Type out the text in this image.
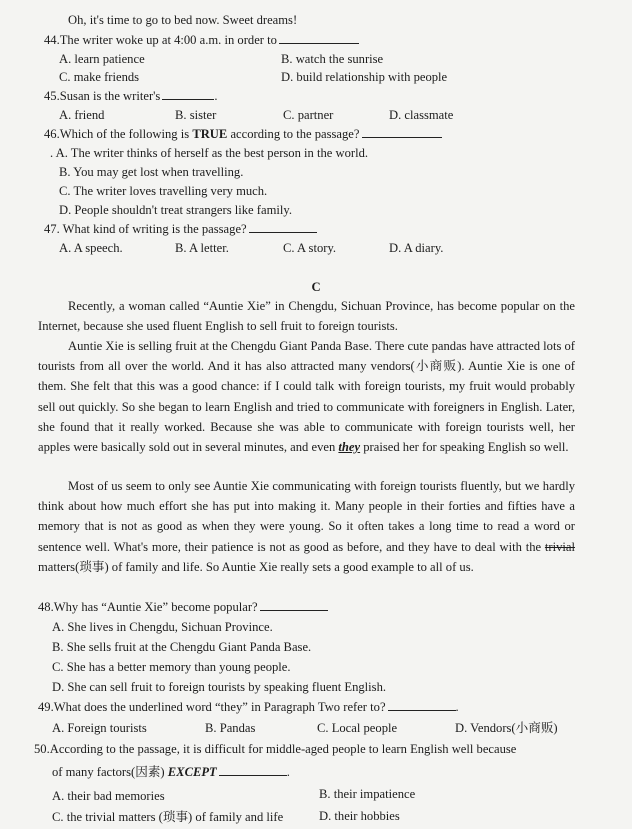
Oh, it's time to go to bed now. Sweet dreams!
44.The writer woke up at 4:00 a.m. in order to
A. learn patience	B. watch the sunrise
C. make friends	D. build relationship with people
45.Susan is the writer's	.
A. friend	B. sister	C. partner	D. classmate
46.Which of the following is TRUE according to the passage?
. A. The writer thinks of herself as the best person in the world.
B. You may get lost when travelling.
C. The writer loves travelling very much.
D. People shouldn't treat strangers like family.
47. What kind of writing is the passage?
A. A speech.	B. A letter.	C. A story.	D. A diary.
C
Recently, a woman called “Auntie Xie” in Chengdu, Sichuan Province, has become popular on the Internet, because she used fluent English to sell fruit to foreign tourists.
Auntie Xie is selling fruit at the Chengdu Giant Panda Base. There cute pandas have attracted lots of tourists from all over the world. And it has also attracted many vendors(小商贩). Auntie Xie is one of them. She felt that this was a good chance: if I could talk with foreign tourists, my fruit would probably sell out quickly. So she began to learn English and tried to communicate with foreigners in English. Later, she found that it really worked. Because she was able to communicate with foreign tourists well, her apples were basically sold out in several minutes, and even they praised her for speaking English so well.
Most of us seem to only see Auntie Xie communicating with foreign tourists fluently, but we hardly think about how much effort she has put into making it. Many people in their forties and fifties have a memory that is not as good as when they were young. So it often takes a long time to read a word or sentence well. What's more, their patience is not as good as before, and they have to deal with the trivial matters(琐事) of family and life. So Auntie Xie really sets a good example to all of us.
48.Why has “Auntie Xie” become popular?
A. She lives in Chengdu, Sichuan Province.
B. She sells fruit at the Chengdu Giant Panda Base.
C. She has a better memory than young people.
D. She can sell fruit to foreign tourists by speaking fluent English.
49.What does the underlined word “they” in Paragraph Two refer to?	.
A. Foreign tourists	B. Pandas	C. Local people	D. Vendors(小商贩)
50.According to the passage, it is difficult for middle-aged people to learn English well because
of many factors(因素) EXCEPT	.
A. their bad memories	B. their impatience
C. the trivial matters (琐事) of family and life	D. their hobbies
